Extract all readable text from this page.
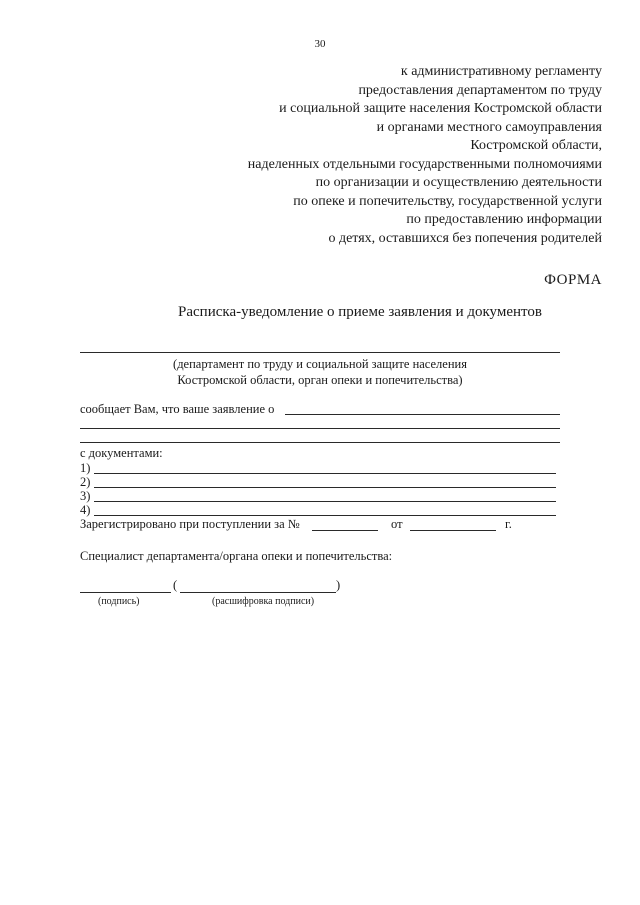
30
к административному регламенту
предоставления департаментом по труду
и социальной защите населения Костромской области
и органами местного самоуправления
Костромской области,
наделенных отдельными государственными полномочиями
по организации и осуществлению деятельности
по опеке и попечительству, государственной услуги
по предоставлению информации
о детях, оставшихся без попечения родителей
ФОРМА
Расписка-уведомление о приеме заявления и документов
(департамент по труду и социальной защите населения
Костромской области, орган опеки и попечительства)
сообщает Вам, что ваше заявление о
с документами:
1)
2)
3)
4)
Зарегистрировано при поступлении за №	от	г.
Специалист департамента/органа опеки и попечительства:
(	)
(подпись)	(расшифровка подписи)
